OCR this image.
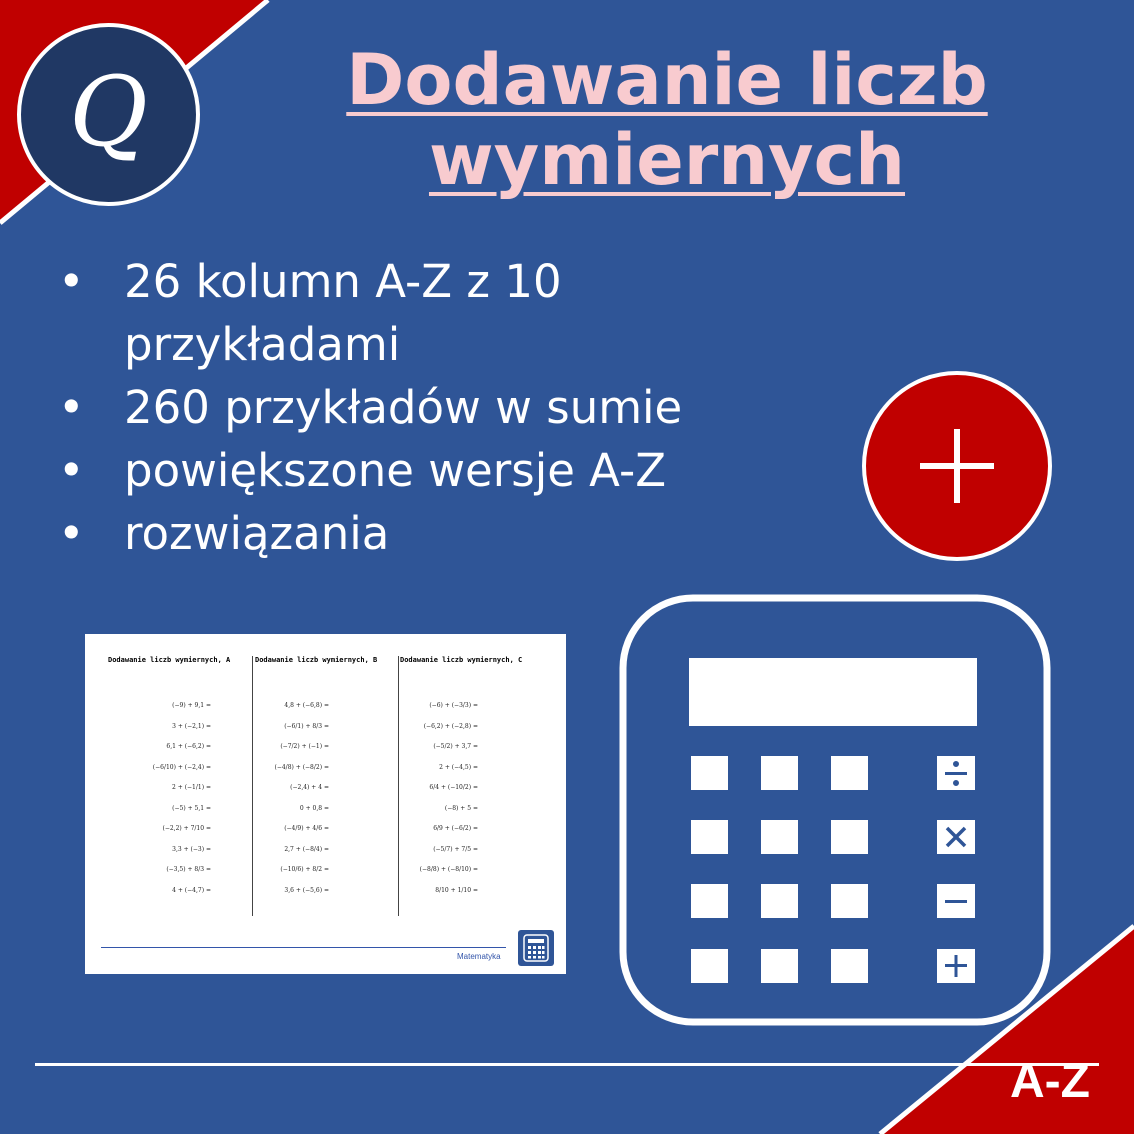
Q	Dodawanie liczb
wymiernych
• 26 kolumn A-Z z 10 przykładami
• 260 przykładów w sumie
• powiększone wersje A-Z
• rozwiązania
Dodawanie liczb wymiernych, A
(−9) + 9,1 =
3 + (−2,1) =
6,1 + (−6,2) =
(−6/10) + (−2,4) =
2 + (−1/1) =
(−5) + 5,1 =
(−2,2) + 7/10 =
3,3 + (−3) =
(−3,5) + 8/3 =
4 + (−4,7) =
Dodawanie liczb wymiernych, B
4,8 + (−6,8) =
(−6/1) + 8/3 =
(−7/2) + (−1) =
(−4/8) + (−8/2) =
(−2,4) + 4 =
0 + 0,8 =
(−4/9) + 4/6 =
2,7 + (−8/4) =
(−10/6) + 8/2 =
3,6 + (−5,6) =
Dodawanie liczb wymiernych, C
(−6) + (−3/3) =
(−6,2) + (−2,8) =
(−5/2) + 3,7 =
2 + (−4,5) =
6/4 + (−10/2) =
(−8) + 5 =
6/9 + (−6/2) =
(−5/7) + 7/5 =
(−8/8) + (−8/10) =
8/10 + 1/10 =
Matematyka
A-Z
